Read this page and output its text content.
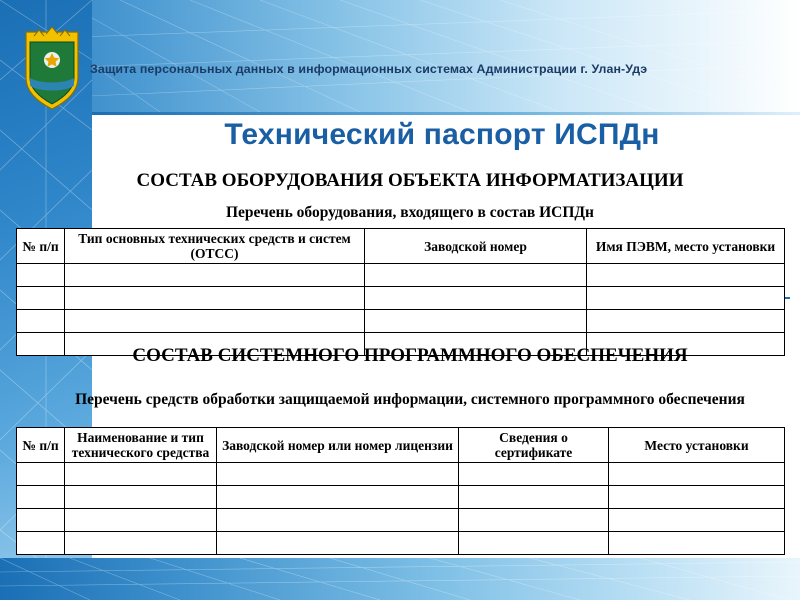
Защита персональных данных в информационных системах Администрации г. Улан-Удэ
Технический паспорт ИСПДн
СОСТАВ ОБОРУДОВАНИЯ ОБЪЕКТА ИНФОРМАТИЗАЦИИ
Перечень оборудования, входящего в состав ИСПДн
№ п/п	Тип основных технических средств и систем (ОТСС)	Заводской номер	Имя ПЭВМ, место установки

СОСТАВ СИСТЕМНОГО ПРОГРАММНОГО ОБЕСПЕЧЕНИЯ
Перечень средств обработки защищаемой информации, системного программного обеспечения
№ п/п	Наименование и тип технического средства	Заводской номер или номер лицензии	Сведения о сертификате	Место установки
